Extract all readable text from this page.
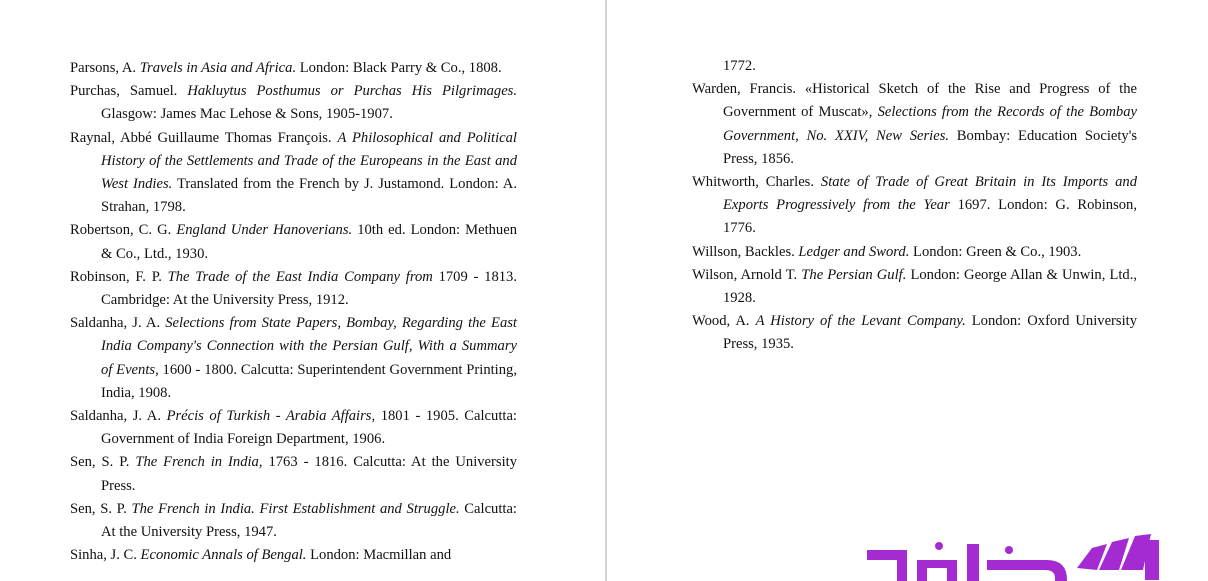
Parsons, A. Travels in Asia and Africa. London: Black Parry & Co., 1808.

Purchas, Samuel. Hakluytus Posthumus or Purchas His Pilgrimages. Glasgow: James Mac Lehose & Sons, 1905-1907.

Raynal, Abbé Guillaume Thomas François. A Philosophical and Political History of the Settlements and Trade of the Europeans in the East and West Indies. Translated from the French by J. Justamond. London: A. Strahan, 1798.

Robertson, C. G. England Under Hanoverians. 10th ed. London: Methuen & Co., Ltd., 1930.

Robinson, F. P. The Trade of the East India Company from 1709 - 1813. Cambridge: At the University Press, 1912.

Saldanha, J. A. Selections from State Papers, Bombay, Regarding the East India Company's Connection with the Persian Gulf, With a Summary of Events, 1600 - 1800. Calcutta: Superintendent Government Printing, India, 1908.

Saldanha, J. A. Précis of Turkish - Arabia Affairs, 1801 - 1905. Calcutta: Government of India Foreign Department, 1906.

Sen, S. P. The French in India, 1763 - 1816. Calcutta: At the University Press.

Sen, S. P. The French in India. First Establishment and Struggle. Calcutta: At the University Press, 1947.

Sinha, J. C. Economic Annals of Bengal. London: Macmillan and

1772.

Warden, Francis. «Historical Sketch of the Rise and Progress of the Government of Muscat», Selections from the Records of the Bombay Government, No. XXIV, New Series. Bombay: Education Society's Press, 1856.

Whitworth, Charles. State of Trade of Great Britain in Its Imports and Exports Progressively from the Year 1697. London: G. Robinson, 1776.

Willson, Backles. Ledger and Sword. London: Green & Co., 1903.

Wilson, Arnold T. The Persian Gulf. London: George Allan & Unwin, Ltd., 1928.

Wood, A. A History of the Levant Company. London: Oxford University Press, 1935.

کتاب سبز
